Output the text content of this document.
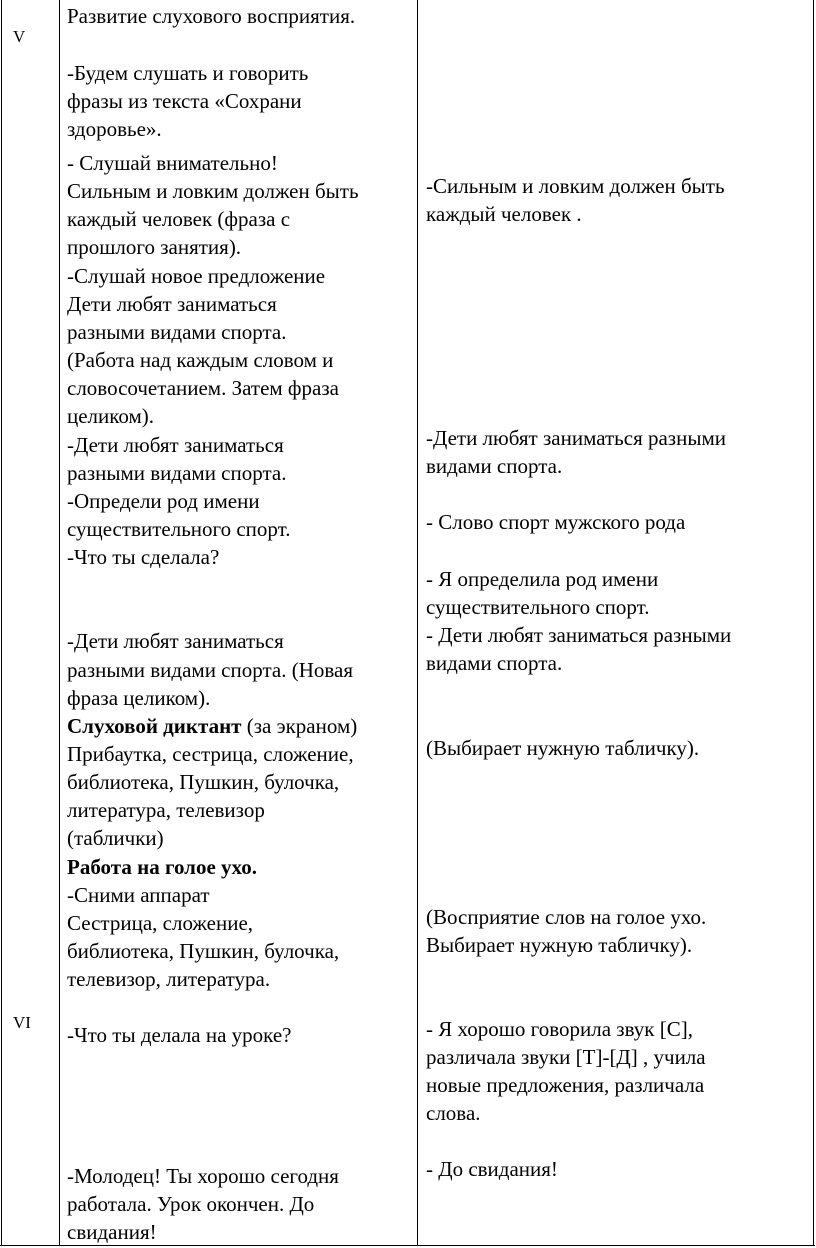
V
VI
Развитие слухового восприятия.
-Будем слушать и говорить
фразы из текста «Сохрани
здоровье».
- Слушай внимательно!
Сильным и ловким должен быть
каждый человек (фраза с
прошлого занятия).
-Слушай новое предложение
Дети любят заниматься
разными видами спорта.
(Работа над каждым словом и
словосочетанием. Затем фраза
целиком).
-Дети любят заниматься
разными видами спорта.
-Определи род имени
существительного спорт.
-Что ты сделала?
-Дети любят заниматься
разными видами спорта. (Новая
фраза целиком).
Слуховой диктант (за экраном)
Прибаутка, сестрица, сложение,
библиотека, Пушкин, булочка,
литература, телевизор
(таблички)
Работа на голое ухо.
-Сними аппарат
Сестрица, сложение,
библиотека, Пушкин, булочка,
телевизор, литература.
-Что ты делала на уроке?
-Молодец! Ты хорошо сегодня
работала. Урок окончен. До
свидания!
-Сильным и ловким должен быть
каждый человек .
-Дети любят заниматься разными
видами спорта.
- Слово спорт мужского рода
- Я определила род имени
существительного спорт.
- Дети любят заниматься разными
видами спорта.
(Выбирает нужную табличку).
(Восприятие слов на голое ухо.
Выбирает нужную табличку).
- Я хорошо говорила звук [С],
различала звуки [Т]-[Д] , учила
новые предложения, различала
слова.
- До свидания!
